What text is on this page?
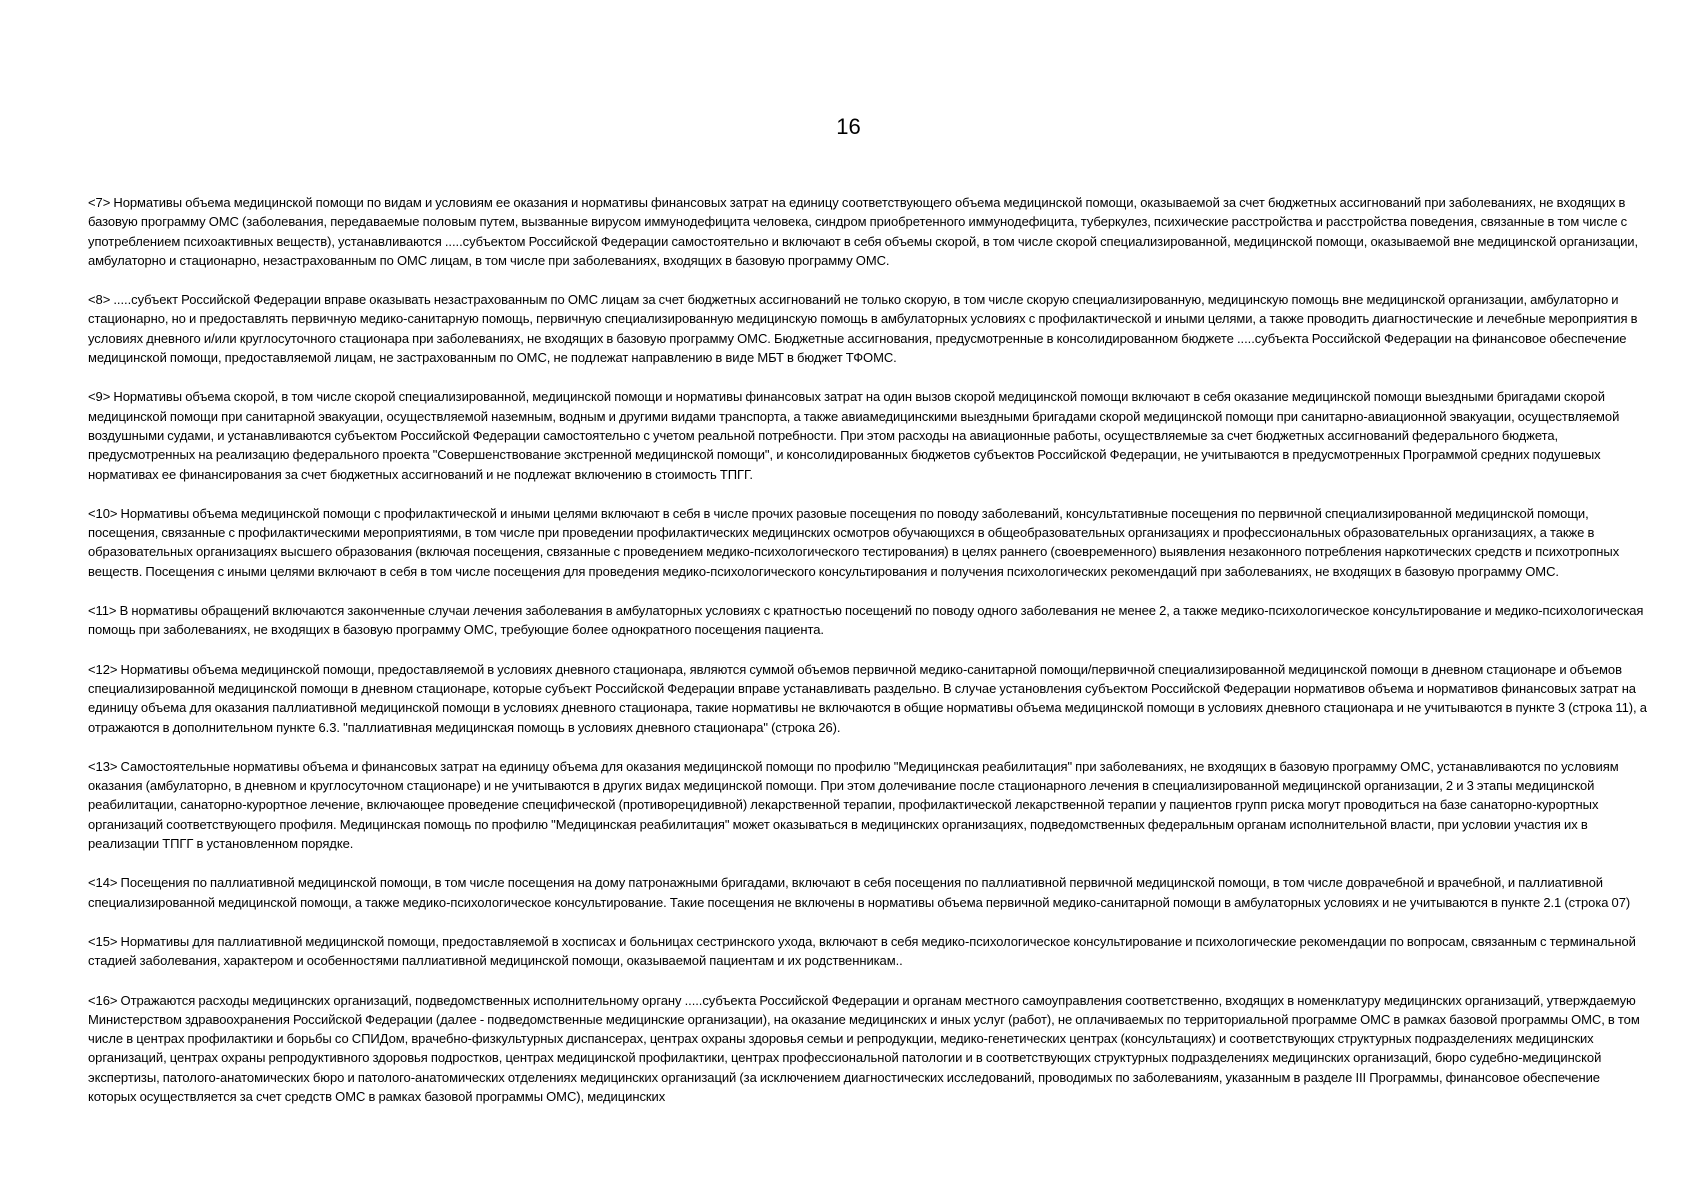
16

<7> Нормативы объема медицинской помощи по видам и условиям ее оказания и нормативы финансовых затрат на единицу соответствующего объема медицинской помощи, оказываемой за счет бюджетных ассигнований при заболеваниях, не входящих в базовую программу ОМС (заболевания, передаваемые половым путем, вызванные вирусом иммунодефицита человека, синдром приобретенного иммунодефицита, туберкулез, психические расстройства и расстройства поведения, связанные в том числе с употреблением психоактивных веществ), устанавливаются .....субъектом Российской Федерации самостоятельно и включают в себя объемы скорой, в том числе скорой специализированной, медицинской помощи, оказываемой вне медицинской организации, амбулаторно и стационарно, незастрахованным по ОМС лицам, в том числе при заболеваниях, входящих в базовую программу ОМС.

<8> .....субъект Российской Федерации вправе оказывать незастрахованным по ОМС лицам за счет бюджетных ассигнований не только скорую, в том числе скорую специализированную, медицинскую помощь вне медицинской организации, амбулаторно и стационарно, но и предоставлять первичную медико-санитарную помощь, первичную специализированную медицинскую помощь в амбулаторных условиях с профилактической и иными целями, а также проводить диагностические и лечебные мероприятия в условиях дневного и/или круглосуточного стационара при заболеваниях, не входящих в базовую программу ОМС. Бюджетные ассигнования, предусмотренные в консолидированном бюджете .....субъекта Российской Федерации на финансовое обеспечение медицинской помощи, предоставляемой лицам, не застрахованным по ОМС, не подлежат направлению в виде МБТ в бюджет ТФОМС.

<9> Нормативы объема скорой, в том числе скорой специализированной, медицинской помощи и нормативы финансовых затрат на один вызов скорой медицинской помощи включают в себя оказание медицинской помощи выездными бригадами скорой медицинской помощи при санитарной эвакуации, осуществляемой наземным, водным и другими видами транспорта, а также авиамедицинскими выездными бригадами скорой медицинской помощи при санитарно-авиационной эвакуации, осуществляемой воздушными судами, и устанавливаются субъектом Российской Федерации самостоятельно с учетом реальной потребности. При этом расходы на авиационные работы, осуществляемые за счет бюджетных ассигнований федерального бюджета, предусмотренных на реализацию федерального проекта "Совершенствование экстренной медицинской помощи", и консолидированных бюджетов субъектов Российской Федерации, не учитываются в предусмотренных Программой средних подушевых нормативах ее финансирования за счет бюджетных ассигнований и не подлежат включению в стоимость ТПГГ.

<10> Нормативы объема медицинской помощи с профилактической и иными целями включают в себя в числе прочих разовые посещения по поводу заболеваний, консультативные посещения по первичной специализированной медицинской помощи, посещения, связанные с профилактическими мероприятиями, в том числе при проведении профилактических медицинских осмотров обучающихся в общеобразовательных организациях и профессиональных образовательных организациях, а также в образовательных организациях высшего образования (включая посещения, связанные с проведением медико-психологического тестирования) в целях раннего (своевременного) выявления незаконного потребления наркотических средств и психотропных веществ. Посещения с иными целями включают в себя в том числе посещения для проведения медико-психологического консультирования и получения психологических рекомендаций при заболеваниях, не входящих в базовую программу ОМС.

<11> В нормативы обращений включаются законченные случаи лечения заболевания в амбулаторных условиях с кратностью посещений по поводу одного заболевания не менее 2, а также медико-психологическое консультирование и медико-психологическая помощь при заболеваниях, не входящих в базовую программу ОМС, требующие более однократного посещения пациента.

<12> Нормативы объема медицинской помощи, предоставляемой в условиях дневного стационара, являются суммой объемов первичной медико-санитарной помощи/первичной специализированной медицинской помощи в дневном стационаре и объемов специализированной медицинской помощи в дневном стационаре, которые субъект Российской Федерации вправе устанавливать раздельно. В случае установления субъектом Российской Федерации нормативов объема и нормативов финансовых затрат на единицу объема для оказания паллиативной медицинской помощи в условиях дневного стационара, такие нормативы не включаются в общие нормативы объема медицинской помощи в условиях дневного стационара и не учитываются в пункте 3 (строка 11), а отражаются в дополнительном пункте 6.3. "паллиативная медицинская помощь в условиях дневного стационара" (строка 26).

<13> Самостоятельные нормативы объема и финансовых затрат на единицу объема для оказания медицинской помощи по профилю "Медицинская реабилитация" при заболеваниях, не входящих в базовую программу ОМС, устанавливаются по условиям оказания (амбулаторно, в дневном и круглосуточном стационаре) и не учитываются в других видах медицинской помощи. При этом долечивание после стационарного лечения в специализированной медицинской организации, 2 и 3 этапы медицинской реабилитации, санаторно-курортное лечение, включающее проведение специфической (противорецидивной) лекарственной терапии, профилактической лекарственной терапии у пациентов групп риска могут проводиться на базе санаторно-курортных организаций соответствующего профиля. Медицинская помощь по профилю "Медицинская реабилитация" может оказываться в медицинских организациях, подведомственных федеральным органам исполнительной власти, при условии участия их в реализации ТПГГ в установленном порядке.

<14> Посещения по паллиативной медицинской помощи, в том числе посещения на дому патронажными бригадами, включают в себя посещения по паллиативной первичной медицинской помощи, в том числе доврачебной и врачебной, и паллиативной специализированной медицинской помощи, а также медико-психологическое консультирование. Такие посещения не включены в нормативы объема первичной медико-санитарной помощи в амбулаторных условиях и не учитываются в пункте 2.1 (строка 07)

<15> Нормативы для паллиативной медицинской помощи, предоставляемой в хосписах и больницах сестринского ухода, включают в себя медико-психологическое консультирование и психологические рекомендации по вопросам, связанным с терминальной стадией заболевания, характером и особенностями паллиативной медицинской помощи, оказываемой пациентам и их родственникам..

<16> Отражаются расходы медицинских организаций, подведомственных исполнительному органу .....субъекта Российской Федерации и органам местного самоуправления соответственно, входящих в номенклатуру медицинских организаций, утверждаемую Министерством здравоохранения Российской Федерации (далее - подведомственные медицинские организации), на оказание медицинских и иных услуг (работ), не оплачиваемых по территориальной программе ОМС в рамках базовой программы ОМС, в том числе в центрах профилактики и борьбы со СПИДом, врачебно-физкультурных диспансерах, центрах охраны здоровья семьи и репродукции, медико-генетических центрах (консультациях) и соответствующих структурных подразделениях медицинских организаций, центрах охраны репродуктивного здоровья подростков, центрах медицинской профилактики, центрах профессиональной патологии и в соответствующих структурных подразделениях медицинских организаций, бюро судебно-медицинской экспертизы, патолого-анатомических бюро и патолого-анатомических отделениях медицинских организаций (за исключением диагностических исследований, проводимых по заболеваниям, указанным в разделе III Программы, финансовое обеспечение которых осуществляется за счет средств ОМС в рамках базовой программы ОМС), медицинских
